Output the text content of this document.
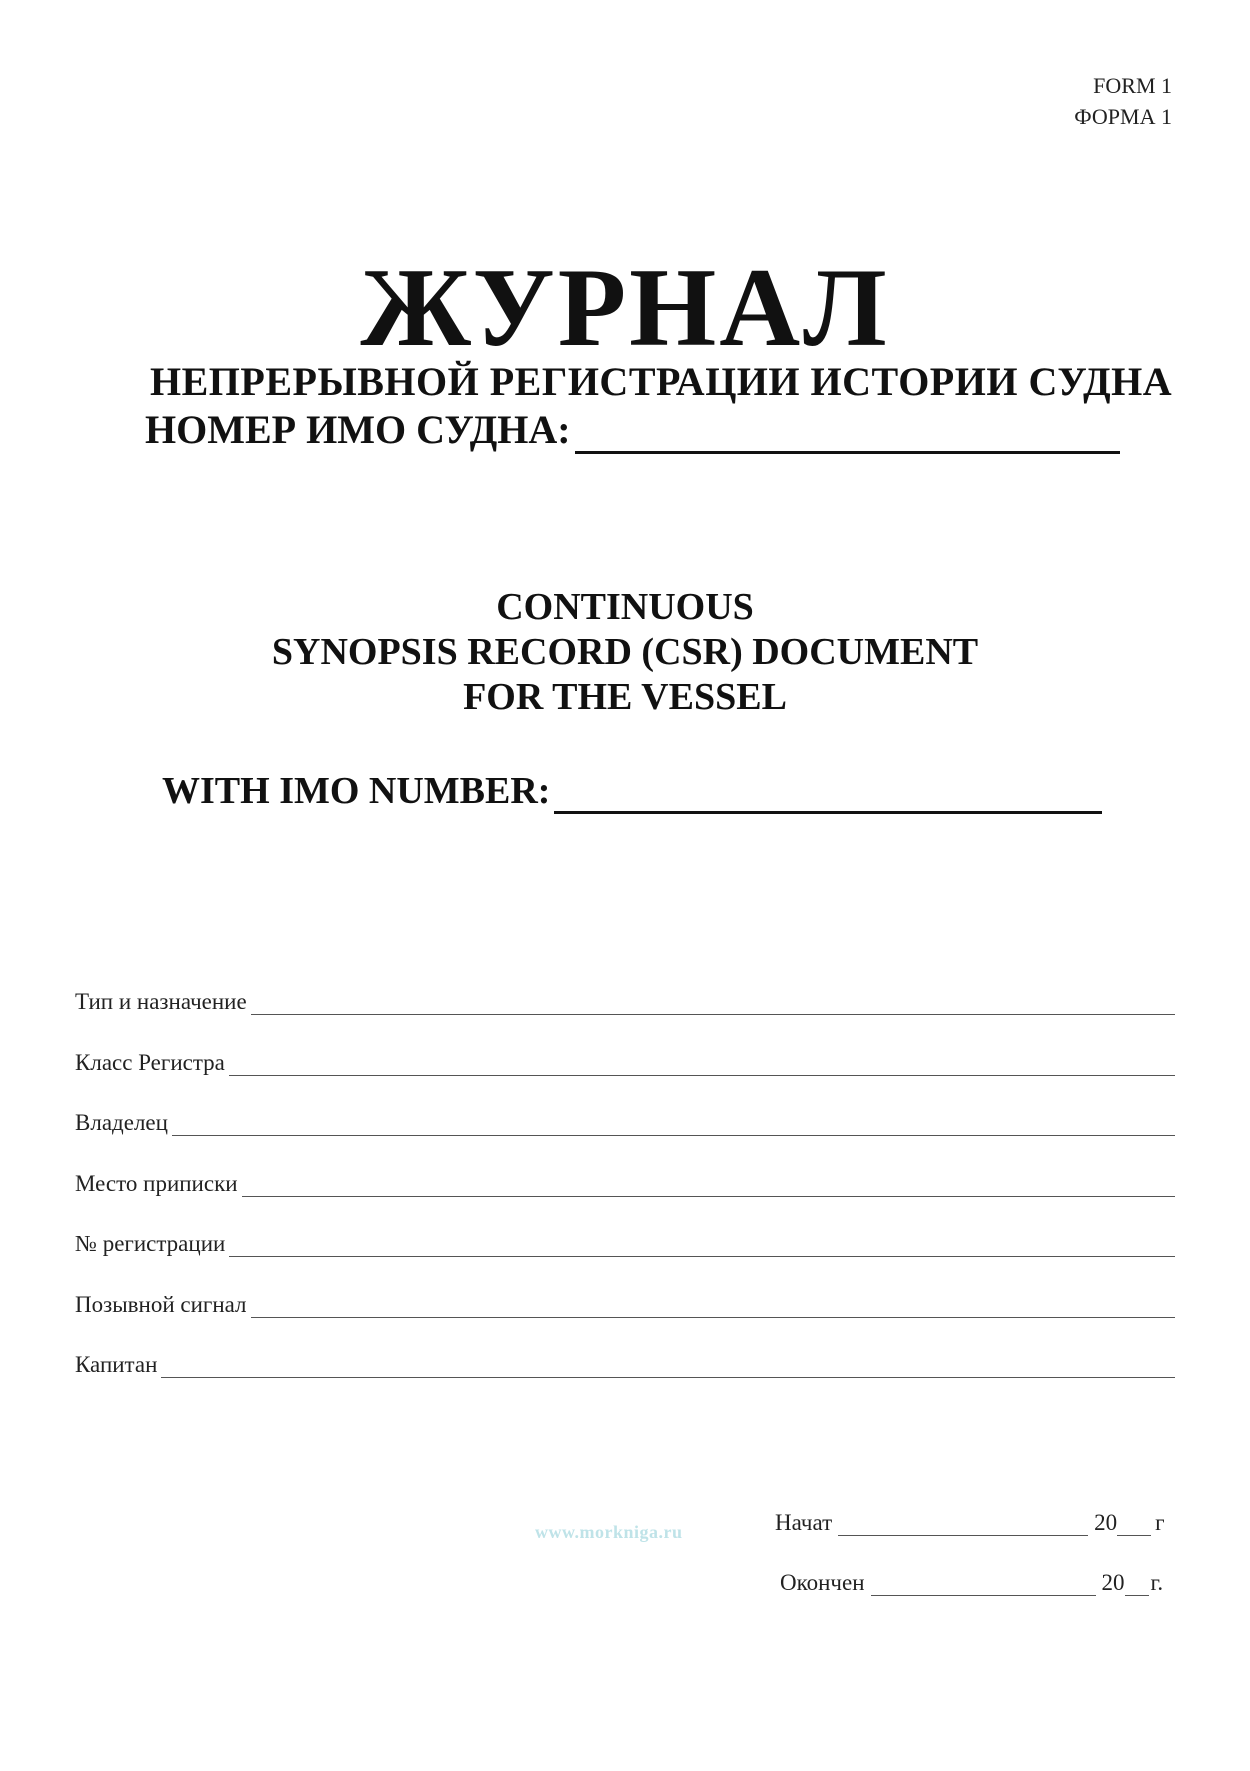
FORM 1
ФОРМА 1
ЖУРНАЛ
НЕПРЕРЫВНОЙ РЕГИСТРАЦИИ ИСТОРИИ СУДНА
НОМЕР ИМО СУДНА:
CONTINUOUS
SYNOPSIS RECORD (CSR) DOCUMENT
FOR THE VESSEL
WITH IMO NUMBER:
Тип и назначение
Класс Регистра
Владелец
Место приписки
№ регистрации
Позывной сигнал
Капитан
www.morkniga.ru	Начат	20 г
Окончен	20 г.
